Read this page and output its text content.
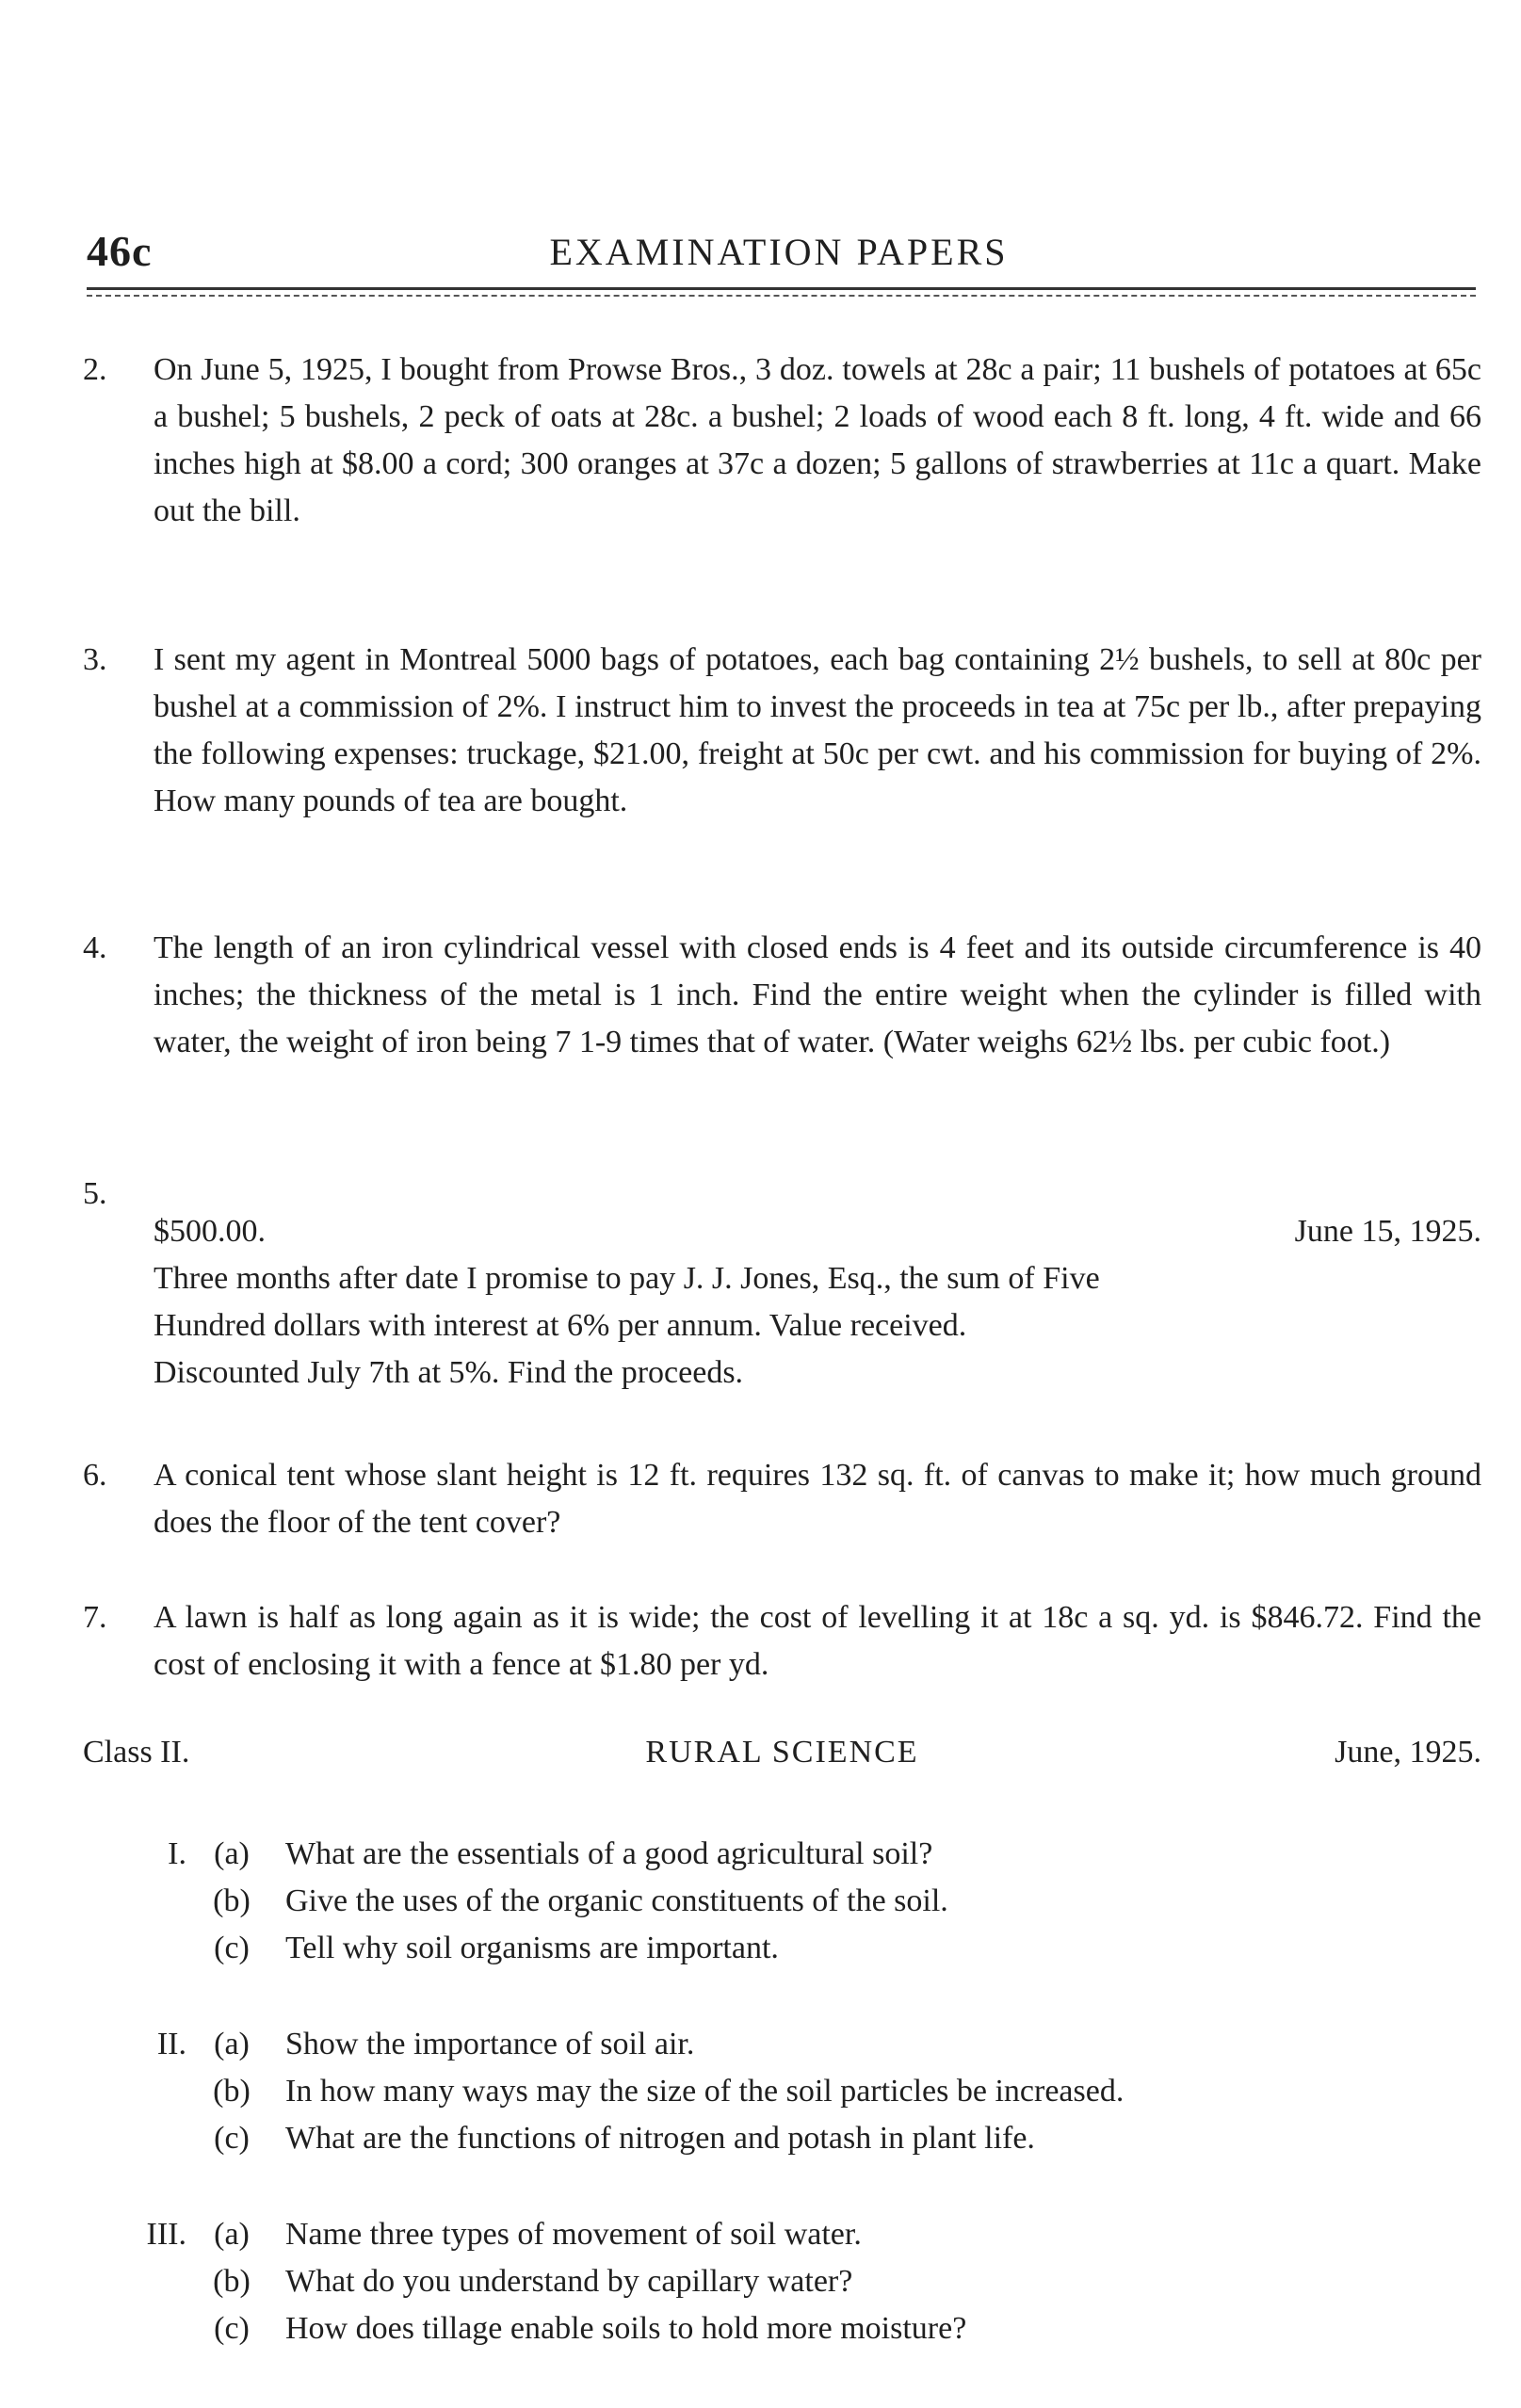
46c	EXAMINATION PAPERS
2.	On June 5, 1925, I bought from Prowse Bros., 3 doz. towels at 28c a pair; 11 bushels of potatoes at 65c a bushel; 5 bushels, 2 peck of oats at 28c. a bushel; 2 loads of wood each 8 ft. long, 4 ft. wide and 66 inches high at $8.00 a cord; 300 oranges at 37c a dozen; 5 gallons of strawberries at 11c a quart. Make out the bill.
3.	I sent my agent in Montreal 5000 bags of potatoes, each bag containing 2½ bushels, to sell at 80c per bushel at a commission of 2%. I instruct him to invest the proceeds in tea at 75c per lb., after prepaying the following expenses: truckage, $21.00, freight at 50c per cwt. and his commission for buying of 2%. How many pounds of tea are bought.
4.	The length of an iron cylindrical vessel with closed ends is 4 feet and its outside circumference is 40 inches; the thickness of the metal is 1 inch. Find the entire weight when the cylinder is filled with water, the weight of iron being 7 1-9 times that of water. (Water weighs 62½ lbs. per cubic foot.)
5.
$500.00.	June 15, 1925.
Three months after date I promise to pay J. J. Jones, Esq., the sum of Five
Hundred dollars with interest at 6% per annum. Value received.
Discounted July 7th at 5%. Find the proceeds.
6.	A conical tent whose slant height is 12 ft. requires 132 sq. ft. of canvas to make it; how much ground does the floor of the tent cover?
7.	A lawn is half as long again as it is wide; the cost of levelling it at 18c a sq. yd. is $846.72. Find the cost of enclosing it with a fence at $1.80 per yd.
Class II.	RURAL SCIENCE	June, 1925.
I. (a)	What are the essentials of a good agricultural soil?
(b)	Give the uses of the organic constituents of the soil.
(c)	Tell why soil organisms are important.
II. (a)	Show the importance of soil air.
(b)	In how many ways may the size of the soil particles be increased.
(c)	What are the functions of nitrogen and potash in plant life.
III. (a)	Name three types of movement of soil water.
(b)	What do you understand by capillary water?
(c)	How does tillage enable soils to hold more moisture?
